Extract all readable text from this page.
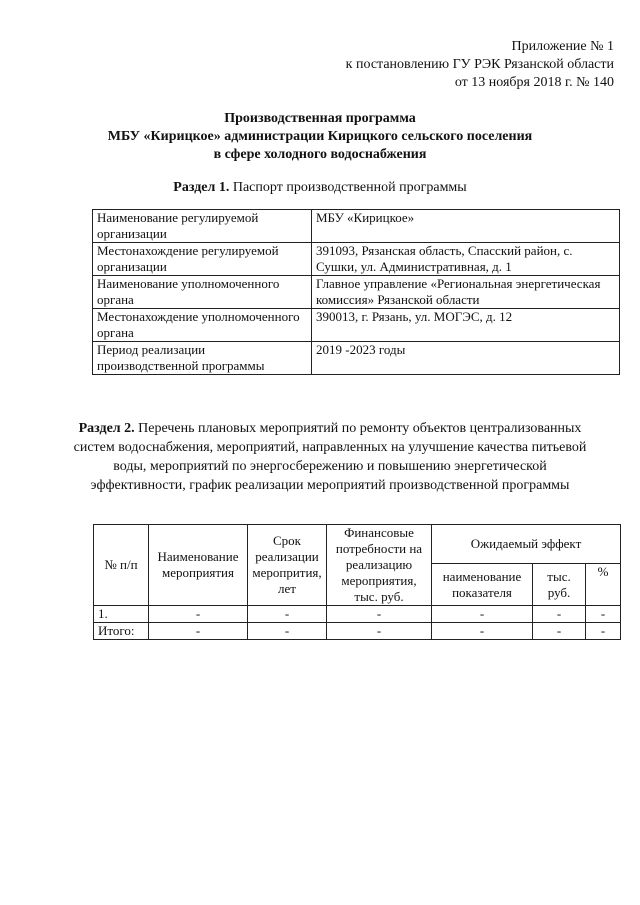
Приложение № 1
к постановлению ГУ РЭК Рязанской области
от 13 ноября 2018 г. № 140
Производственная программа
МБУ «Кирицкое» администрации Кирицкого сельского поселения
в сфере холодного водоснабжения
Раздел 1. Паспорт производственной программы
Наименование регулируемой организации	МБУ «Кирицкое»
Местонахождение регулируемой организации	391093, Рязанская область, Спасский район, с. Сушки, ул. Административная, д. 1
Наименование уполномоченного органа	Главное управление «Региональная энергетическая комиссия» Рязанской области
Местонахождение уполномоченного органа	390013, г. Рязань, ул. МОГЭС, д. 12
Период реализации производственной программы	2019 -2023 годы
Раздел 2. Перечень плановых мероприятий по ремонту объектов централизованных систем водоснабжения, мероприятий, направленных на улучшение качества питьевой воды, мероприятий по энергосбережению и повышению энергетической эффективности, график реализации мероприятий производственной программы
№ п/п	Наименование мероприятия	Срок реализации меропрития, лет	Финансовые потребности на реализацию мероприятия, тыс. руб.	Ожидаемый эффект		
				наименование показателя	тыс. руб.	%
1.	-	-	-	-	-	-
Итого:	-	-	-	-	-	-
